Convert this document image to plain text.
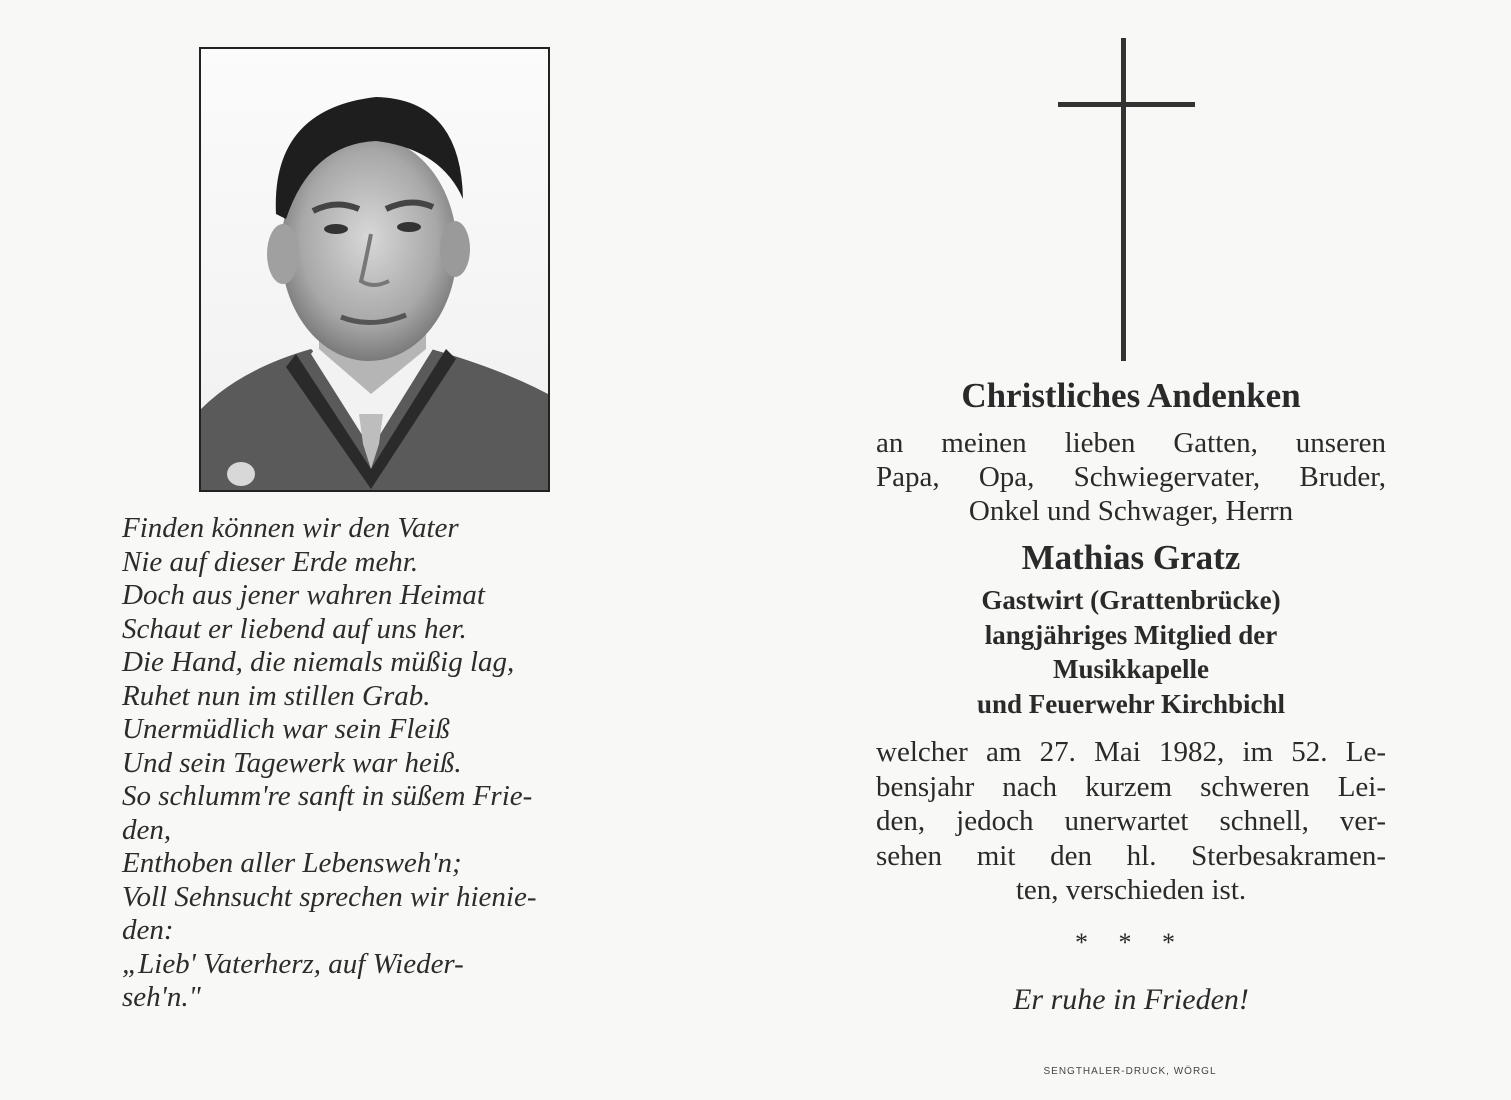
Finden können wir den Vater
Nie auf dieser Erde mehr.
Doch aus jener wahren Heimat
Schaut er liebend auf uns her.
Die Hand, die niemals müßig lag,
Ruhet nun im stillen Grab.
Unermüdlich war sein Fleiß
Und sein Tagewerk war heiß.
So schlumm're sanft in süßem Frie-
den,
Enthoben aller Lebensweh'n;
Voll Sehnsucht sprechen wir hienie-
den:
„Lieb' Vaterherz, auf Wieder-
seh'n."
Christliches Andenken
an meinen lieben Gatten, unseren
Papa, Opa, Schwiegervater, Bruder,
Onkel und Schwager, Herrn
Mathias Gratz
Gastwirt (Grattenbrücke)
langjähriges Mitglied der
Musikkapelle
und Feuerwehr Kirchbichl
welcher am 27. Mai 1982, im 52. Le-
bensjahr nach kurzem schweren Lei-
den, jedoch unerwartet schnell, ver-
sehen mit den hl. Sterbesakramen-
ten, verschieden ist.
* * *
Er ruhe in Frieden!
SENGTHALER-DRUCK, WÖRGL
